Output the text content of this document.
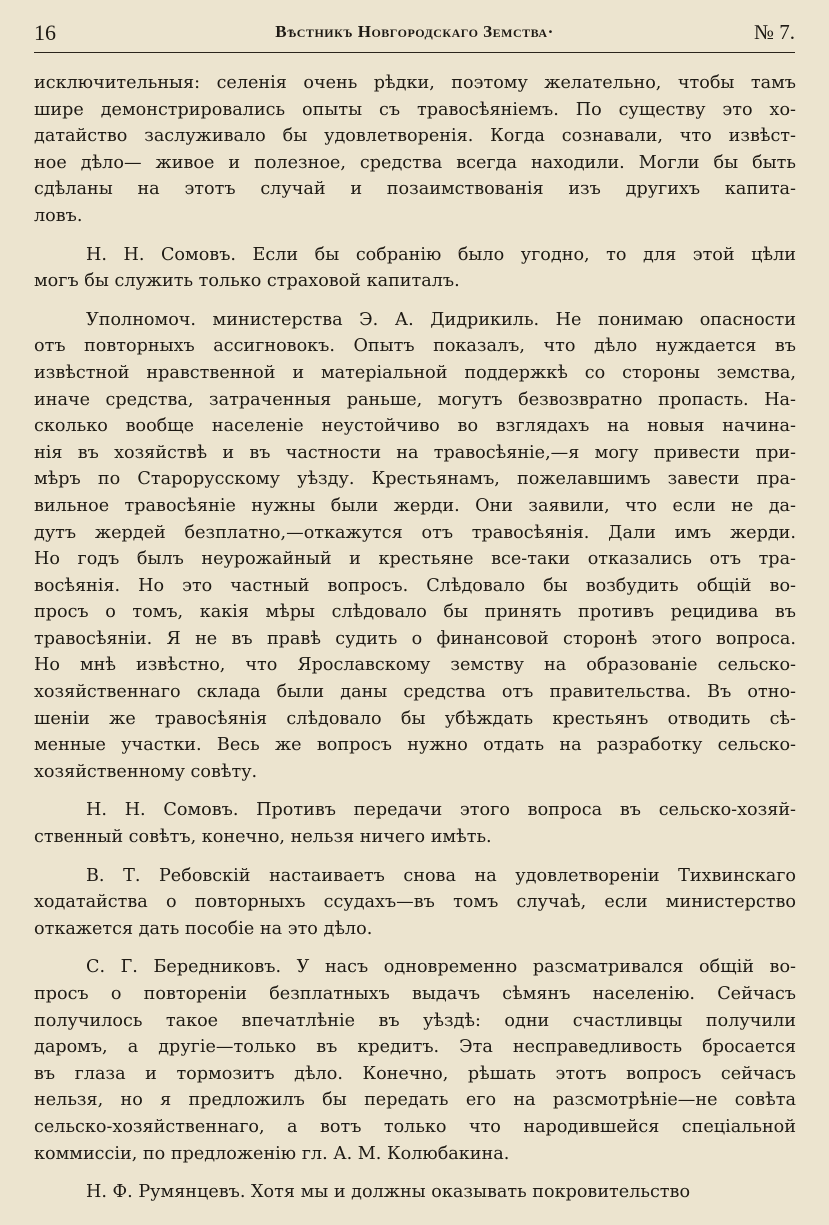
16	Вѣстникъ Новгородскаго Земства·	№ 7.

исключительныя: селенія очень рѣдки, поэтому желательно, чтобы тамъ
шире демонстрировались опыты съ травосѣяніемъ. По существу это хо-
датайство заслуживало бы удовлетворенія. Когда сознавали, что извѣст-
ное дѣло— живое и полезное, средства всегда находили. Могли бы быть
сдѣланы на этотъ случай и позаимствованія изъ другихъ капита-
ловъ.

Н. Н. Сомовъ. Если бы собранію было угодно, то для этой цѣли
могъ бы служить только страховой капиталъ.

Уполномоч. министерства Э. А. Дидрикиль. Не понимаю опасности
отъ повторныхъ ассигновокъ. Опытъ показалъ, что дѣло нуждается въ
извѣстной нравственной и матеріальной поддержкѣ со стороны земства,
иначе средства, затраченныя раньше, могутъ безвозвратно пропасть. На-
сколько вообще населеніе неустойчиво во взглядахъ на новыя начина-
нія въ хозяйствѣ и въ частности на травосѣяніе,—я могу привести при-
мѣръ по Старорусскому уѣзду. Крестьянамъ, пожелавшимъ завести пра-
вильное травосѣяніе нужны были жерди. Они заявили, что если не да-
дутъ жердей безплатно,—откажутся отъ травосѣянія. Дали имъ жерди.
Но годъ былъ неурожайный и крестьяне все-таки отказались отъ тра-
восѣянія. Но это частный вопросъ. Слѣдовало бы возбудить общій во-
просъ о томъ, какія мѣры слѣдовало бы принять противъ рецидива въ
травосѣяніи. Я не въ правѣ судить о финансовой сторонѣ этого вопроса.
Но мнѣ извѣстно, что Ярославскому земству на образованіе сельско-
хозяйственнаго склада были даны средства отъ правительства. Въ отно-
шеніи же травосѣянія слѣдовало бы убѣждать крестьянъ отводить сѣ-
менные участки. Весь же вопросъ нужно отдать на разработку сельско-
хозяйственному совѣту.

Н. Н. Сомовъ. Противъ передачи этого вопроса въ сельско-хозяй-
ственный совѣтъ, конечно, нельзя ничего имѣть.

В. Т. Ребовскій настаиваетъ снова на удовлетвореніи Тихвинскаго
ходатайства о повторныхъ ссудахъ—въ томъ случаѣ, если министерство
откажется дать пособіе на это дѣло.

С. Г. Бередниковъ. У насъ одновременно разсматривался общій во-
просъ о повтореніи безплатныхъ выдачъ сѣмянъ населенію. Сейчасъ
получилось такое впечатлѣніе въ уѣздѣ: одни счастливцы получили
даромъ, а другіе—только въ кредитъ. Эта несправедливость бросается
въ глаза и тормозитъ дѣло. Конечно, рѣшать этотъ вопросъ сейчасъ
нельзя, но я предложилъ бы передать его на разсмотрѣніе—не совѣта
сельско-хозяйственнаго, а вотъ только что народившейся спеціальной
коммиссіи, по предложенію гл. А. М. Колюбакина.

Н. Ф. Румянцевъ. Хотя мы и должны оказывать покровительство
